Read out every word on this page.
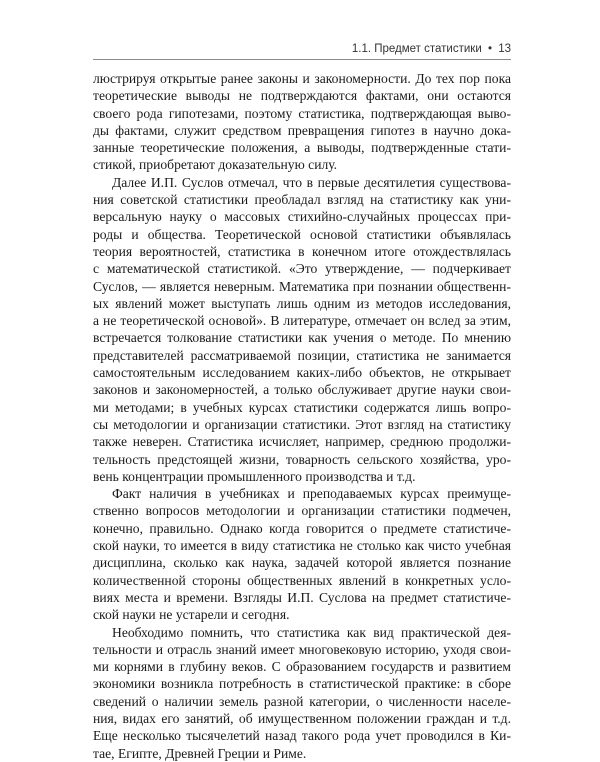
1.1. Предмет статистики • 13

люстрируя открытые ранее законы и закономерности. До тех пор пока
теоретические выводы не подтверждаются фактами, они остаются
своего рода гипотезами, поэтому статистика, подтверждающая выво-
ды фактами, служит средством превращения гипотез в научно дока-
занные теоретические положения, а выводы, подтвержденные стати-
стикой, приобретают доказательную силу.

Далее И.П. Суслов отмечал, что в первые десятилетия существова-
ния советской статистики преобладал взгляд на статистику как уни-
версальную науку о массовых стихийно-случайных процессах при-
роды и общества. Теоретической основой статистики объявлялась
теория вероятностей, статистика в конечном итоге отождествлялась
с математической статистикой. «Это утверждение, — подчеркивает
Суслов, — является неверным. Математика при познании общественн-
ых явлений может выступать лишь одним из методов исследования,
а не теоретической основой». В литературе, отмечает он вслед за этим,
встречается толкование статистики как учения о методе. По мнению
представителей рассматриваемой позиции, статистика не занимается
самостоятельным исследованием каких-либо объектов, не открывает
законов и закономерностей, а только обслуживает другие науки свои-
ми методами; в учебных курсах статистики содержатся лишь вопро-
сы методологии и организации статистики. Этот взгляд на статистику
также неверен. Статистика исчисляет, например, среднюю продолжи-
тельность предстоящей жизни, товарность сельского хозяйства, уро-
вень концентрации промышленного производства и т.д.

Факт наличия в учебниках и преподаваемых курсах преимуще-
ственно вопросов методологии и организации статистики подмечен,
конечно, правильно. Однако когда говорится о предмете статистиче-
ской науки, то имеется в виду статистика не столько как чисто учебная
дисциплина, сколько как наука, задачей которой является познание
количественной стороны общественных явлений в конкретных усло-
виях места и времени. Взгляды И.П. Суслова на предмет статистиче-
ской науки не устарели и сегодня.

Необходимо помнить, что статистика как вид практической дея-
тельности и отрасль знаний имеет многовековую историю, уходя свои-
ми корнями в глубину веков. С образованием государств и развитием
экономики возникла потребность в статистической практике: в сборе
сведений о наличии земель разной категории, о численности населе-
ния, видах его занятий, об имущественном положении граждан и т.д.
Еще несколько тысячелетий назад такого рода учет проводился в Ки-
тае, Египте, Древней Греции и Риме.
